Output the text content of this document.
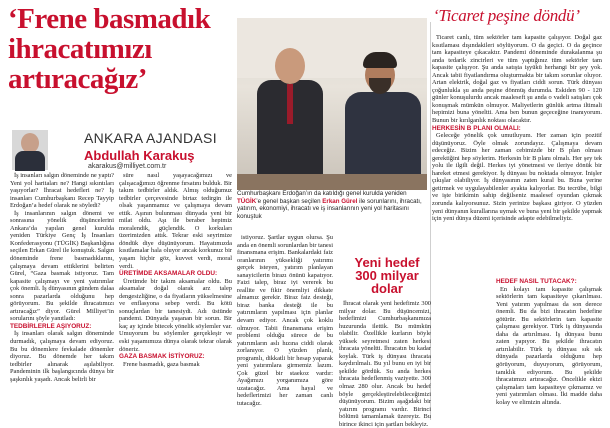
‘Frene basmadık
ihracatımızı
artıracağız’
ANKARA AJANDASI
Abdullah Karakuş
akarakus@milliyet.com.tr
Cumhurbaşkanı Erdoğan’ın da katıldığı genel kurulda yeniden TÜGİK’e genel başkan seçilen Erkan Gürel ile sorunlarını, ihracatı, yatırım, ekonomiyi, ihracatı ve iş insanlarının yeni yol haritasını konuştuk
‘Ticaret peşine döndü’
Yeni hedef
300 milyar dolar

İş insanları salgın döneminde ne yaptı? Yeni yol haritaları ne? Hangi sıkıntıları yaşıyorlar? İhracat hedefleri ne? İş insanları Cumhurbaşkanı Recep Tayyip Erdoğan’a hedef olarak ne söyledi?

İş insanlarının salgın dönemi ve sonrasına yönelik düşüncelerini Ankara’da yapılan genel kurulda yeniden Türkiye Genç İş İnsanları Konfederasyonu (TÜGİK) Başkanlığına seçilen Erkan Gürel ile konuştuk. Salgın döneminde frene basmadıklarını, çalışmaya devam ettiklerini belirten Gürel, “Gaza basmak istiyoruz. Tam kapasite çalışmayı ve yeni yatırımlar çok önemli. İş dünyasının gündem dalaa sonra pazarlarda olduğunu hep görüyorum. Bu şekilde ihracatımızı artıracağız” diyor. Gürel Milliyet’in sorularını şöyle yanıtladı:

TEDBİRLERLE AŞIYORUZ:

İş insanları olarak salgın döneminde durmadık, çalışmaya devam ediyoruz. Bu bu dönemlere fevkalade dönemler diyoruz. Bu dönemde her takım tedbirler alınarak aşılabiliyor. Pandeminin ilk başlangıcında dünya bir şaşkınlık yaşadı. Ancak belirli bir

süre nasıl yaşayacağımızı ve çalışacağımızı öğrenme fırsatını bulduk. Bir takım tedbirler aldık. Almış olduğumuz tedbirler çerçevesinde birtaz tedirgin ile olsak yaşanmamız ve çalışmaya devam ettik. Aşının bulunması dünyada yeni bir milat oldu. Aşı ile beraber hepimiz moralendik, güçlendik. O korkuları üzerimizden attık. Tekrar eski seyrimize döndük diye düşünüyorum. Hayatımızda kısıtlamalar hala oluyor ancak korkunuz bir yaşam hiçbir göz, kuvvet verdi, moral verdi.

ÜRETİMDE AKSAMALAR OLDU:

Üretimde bir takım aksamalar oldu. Bu aksamalar doğal olarak arz talep dengesizliğine, o da fiyatların yükselmesine ve enflasyona sebep verdi. Bu kötü sonuçlardan bir tanesiydi. Adı üstünde pandemi. Dünyada yaşanan bir sorun. Bir kaç ay içinde bitecek yönelik söylemler var. Umuyorum bu söylemler gerçekleşir ve eski yaşamımıza dünya olarak tekrar olarak döneriz.

GAZA BASMAK İSTİYORUZ:

Frene basmadık, gaza basmak

istiyoruz. Şartlar uygun olursa. Şu anda en önemli sorunlardan bir tanesi finansmana erişim. Bankalardaki faiz oranlarının yüksekliği yatırımı gerçek isteyen, yatırım planlayan sanayicilerin birazı önünü kapatıyor. Faizi talep, biraz iyi vererek bu reallite ve fikir önemliyi dikkate almamız gerekir. Biraz faiz desteği, biraz banka desteği ile bu yatırımların yapılması için planlar devam ediyor. Ancak çok koklu olmuyor. Tabii finansmana erişim problemi olduğu sürece de bu yatırımların aslı hızına ciddi olarak zorlanıyor. O yüzden planlı, programlı, dikkatli bir hesap yaparak yeni yatırımlara girmemiz lazım. Çok güzel bir staekoz vardır: Ayağımızı yorganımıza göre uzatacağız. Ama hayal ve hedeflerimizi her zaman canlı tutacağız.

İhracat olarak yeni hedefimiz 300 milyar dolar. Bu düşüncemizi, hedefimizi Cumhurbaşkanımıza huzurunda ilettik. Bu mümkün olabilir. Özellikle kurların böyle yüksek seyretmesi zaten herkesi ihracata yöneltti. İhracatın bu kadar koylak. Türk iş dünyası ihracata kaydırılmalı. Bu yıl bunu en iyi bir şekilde gördük. Su anda herkes ihracata hedeflenmiş vaziyette. 300 olmaz 280 olur. Ancak bu hedef böyle gerçekleştirelebileceğimizi düşünüyorum. Bizim aşağıdaki bir yatırım programı vardır. Birinci bölümü tamamlamak üzereyiz. Bu birince ikinci için şartları bekleyiz.

Ticaret canlı, tüm sektörler tam kapasite çalışıyor. Doğal gaz kısıtlaması dışındakileri söylüyorum. O da geçici. O da geçince tam kapasiteye çıkacaktır. Pandemi döneminde durakalanma şu anda tedarik zincirleri ve tüm yaptığınız tüm sektörler tam kapasite çalışıyor. Şu anda satışta işyükü herhangi bir şey yok. Ancak tabii fiyatlandırma oluşturmakta bir takım sorunlar oluyor. Artan elektrik, doğal gaz vs fiyatları ciddi sorun. Türk dünyası çoğunlukla şu anda peşine dönmüş durumda. Eskiden 90 - 120 günler konuşulurdu ancak maaleseft şu anda o vadeli satışları çok konuşmak mümkün olmuyor. Maliyetlerin günlük artma iltimali hepimizi buna yöneltti. Ama ben bunun geçeceğine inanıyorum. Bunun bir kırılganlık noktası olacaktır.

HERKESİN B PLANI OLMALI:

Geleceğe yönelik çok umutluyum. Her zaman için pozitif düşünüyoruz. Öyle olmak zorundayız. Çalışmaya devam edeceğiz. Bizim her zaman cebimizde bir B plan olması gerektiğini hep söylerim. Herkesin bir B planı olmalı. Her şey tek yolu ile ilgili değil. Herkes iyi yönetmesi ve ileriye dönük bir hareket etmesi gerekiyor. İş dünyası bu noktada olmuyor. İnişler çıkışlar olabiliyor. İş dünyasının zaten kural bu. Buna yerine getirmek ve uygulayabilenler ayakta kalıyorlar. Bu tecrübe, bilgi ve işte birikimin sahip değilseniz maalesef oyundan çıkmak zorunda kalıyorsunuz. Sizin yerinize başkası giriyor. O yüzden yeni dünyanın kurallarına uymak ve buna yeni bir şekilde yapmak için yeni dünya düzeni içerisinde adapte edebilmeliyiz.

HEDEF NASIL TUTACAK?:

En kolayı tam kapasite çalışmak sektörlerin tam kapasiteye çıkarılması. Yeni yatırım yapılması da son derece önemli. Bu da bizi ihracatın hedefine götürür. Bu sektörlerin tam kapasite çalışması gerekiyor. Türk iş dünyasında daha da artırılması. İş dünyası bunu zaten yapıyor. Bu şekilde ihracatın artırılabilir. Türk iş dünyası sık sık dünyada pazarlarda olduğunu hep görüyorum, duyuyorum, görüyorum, tanıklık ediyorum. Bu şekilde ihracatımızı artıracağız. Öncelikle ekizi çalışmaları tam kapasiteye çıkmamız ve yeni yatırımları olması. İki madde daha kolay ve elimizin altında.
